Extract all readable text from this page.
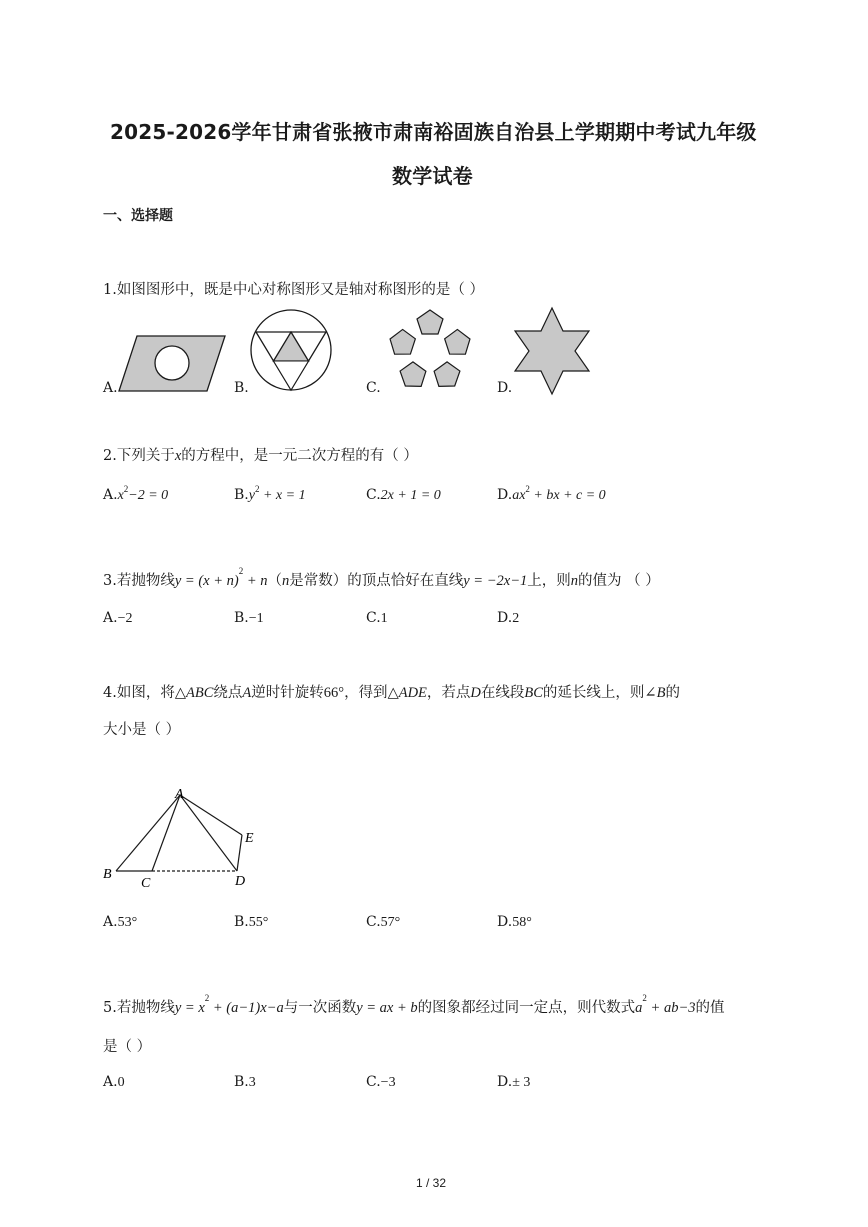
2025-2026学年甘肃省张掖市肃南裕固族自治县上学期期中考试九年级
数学试卷
一、选择题
1.如图图形中，既是中心对称图形又是轴对称图形的是（ ）
A.	B.	C.	D.
2.下列关于x的方程中，是一元二次方程的有（ ）
$A.x^2-2 = 0$	$B.y^2 + x = 1$	C.2x + 1 = 0	$D.ax^2$ + bx + c = 0
3.若抛物线$y = (x + n)^2 + n(n$是常数）的顶点恰好在直线y = −2x−1上，则n的值为 （ ）
A.−2	B.−1	C.1	D.2
4.如图，将△ABC绕点A逆时针旋转66°，得到△ADE，若点D在线段BC的延长线上，则∠B的
大小是（ ）
A
B
C	D
E
A.53°	B.55°	C.57°	D.58°
5.若抛物线$y = x^2 + (a-1)x-a$与一次函数y = ax + b的图象都经过同一定点，则代数式$a^2 + ab-3$的值
是（ ）
A.0	B.3	C.−3	D.± 3
1 / 32
